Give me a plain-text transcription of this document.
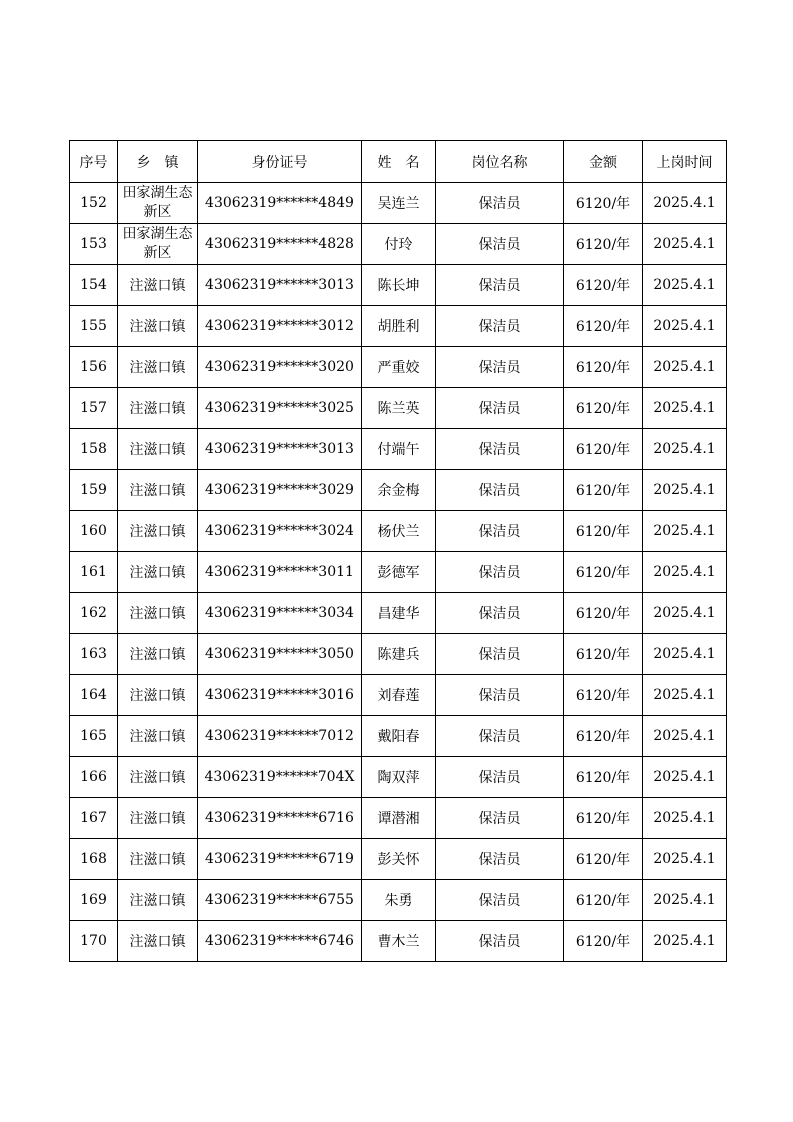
序号	乡　镇	身份证号	姓　名	岗位名称	金额	上岗时间
152	田家湖生态新区	43062319******4849	吴连兰	保洁员	6120/年	2025.4.1
153	田家湖生态新区	43062319******4828	付玲	保洁员	6120/年	2025.4.1
154	注滋口镇	43062319******3013	陈长坤	保洁员	6120/年	2025.4.1
155	注滋口镇	43062319******3012	胡胜利	保洁员	6120/年	2025.4.1
156	注滋口镇	43062319******3020	严重姣	保洁员	6120/年	2025.4.1
157	注滋口镇	43062319******3025	陈兰英	保洁员	6120/年	2025.4.1
158	注滋口镇	43062319******3013	付端午	保洁员	6120/年	2025.4.1
159	注滋口镇	43062319******3029	余金梅	保洁员	6120/年	2025.4.1
160	注滋口镇	43062319******3024	杨伏兰	保洁员	6120/年	2025.4.1
161	注滋口镇	43062319******3011	彭德军	保洁员	6120/年	2025.4.1
162	注滋口镇	43062319******3034	昌建华	保洁员	6120/年	2025.4.1
163	注滋口镇	43062319******3050	陈建兵	保洁员	6120/年	2025.4.1
164	注滋口镇	43062319******3016	刘春莲	保洁员	6120/年	2025.4.1
165	注滋口镇	43062319******7012	戴阳春	保洁员	6120/年	2025.4.1
166	注滋口镇	43062319******704X	陶双萍	保洁员	6120/年	2025.4.1
167	注滋口镇	43062319******6716	谭潜湘	保洁员	6120/年	2025.4.1
168	注滋口镇	43062319******6719	彭关怀	保洁员	6120/年	2025.4.1
169	注滋口镇	43062319******6755	朱勇	保洁员	6120/年	2025.4.1
170	注滋口镇	43062319******6746	曹木兰	保洁员	6120/年	2025.4.1
